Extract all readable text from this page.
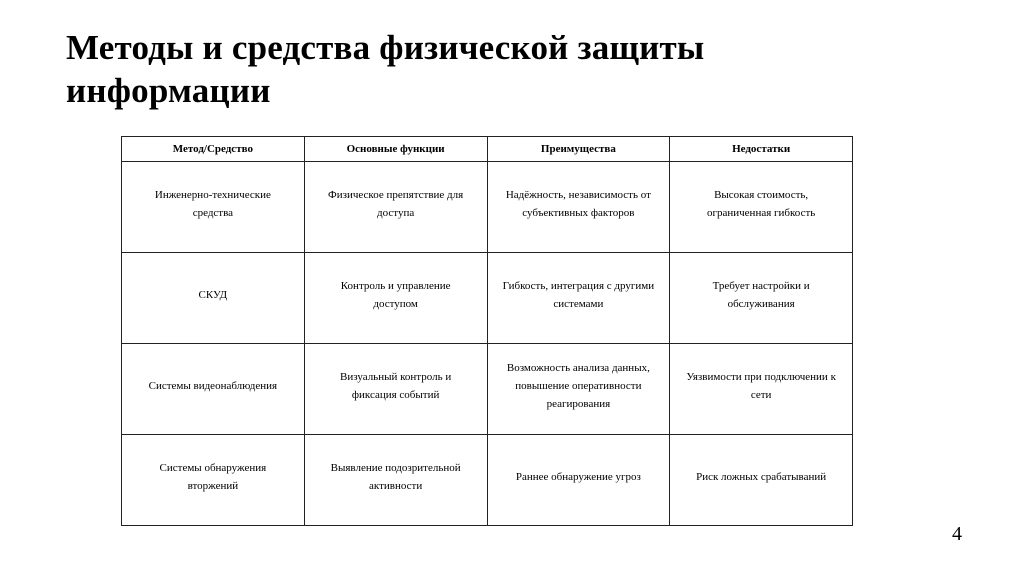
Методы и средства физической защиты информации
Метод/Средство	Основные функции	Преимущества	Недостатки

Инженерно-технические средства	Физическое препятствие для доступа	Надёжность, независимость от субъективных факторов	Высокая стоимость, ограниченная гибкость

СКУД	Контроль и управление доступом	Гибкость, интеграция с другими системами	Требует настройки и обслуживания

Системы видеонаблюдения	Визуальный контроль и фиксация событий	Возможность анализа данных, повышение оперативности реагирования	Уязвимости при подключении к сети

Системы обнаружения вторжений	Выявление подозрительной активности	Раннее обнаружение угроз	Риск ложных срабатываний
4
